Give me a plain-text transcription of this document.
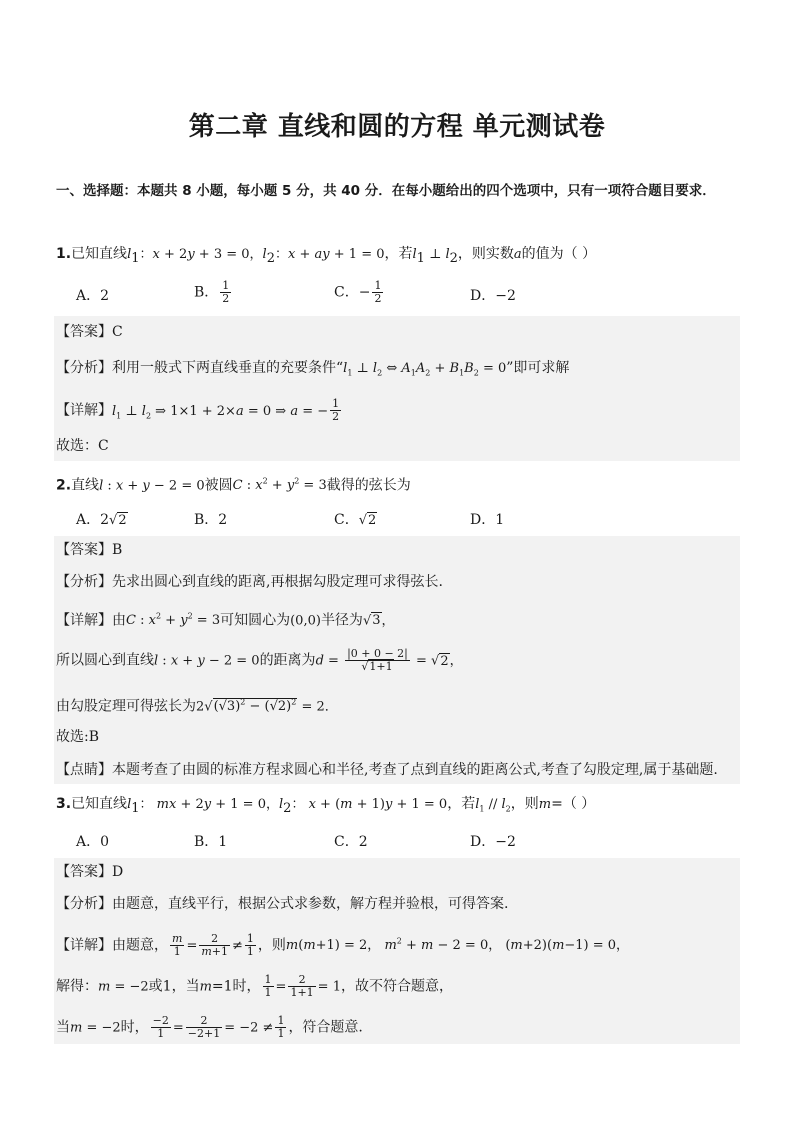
第二章 直线和圆的方程 单元测试卷

一、选择题：本题共 8 小题，每小题 5 分，共 40 分．在每小题给出的四个选项中，只有一项符合题目要求．

1.已知直线$l_1$：x + 2y + 3 = 0，$l_2$：x + ay + 1 = 0，若$l_1$ ⊥ $l_2$，则实数a的值为（ ）
A．2	B． $\frac{1}{2}$	C．− $\frac{1}{2}$	D．−2
【答案】C
【分析】利用一般式下两直线垂直的充要条件“$l_1$ ⊥ $l_2$ ⇔ $A_1A_2 + B_1B_2 = 0$”即可求解
【详解】$l_1$ ⊥ $l_2$ ⇒ 1×1 + 2×a = 0 ⇒ a = − $\frac{1}{2}$
故选：C
2.直线l : x + y − 2 = 0被圆C : $x^2 + y^2 = 3$截得的弦长为
A．2√2	B．2	C．√2	D．1
【答案】B
【分析】先求出圆心到直线的距离,再根据勾股定理可求得弦长.
【详解】由C : $x^2 + y^2 = 3$可知圆心为(0,0)半径为√3，
所以圆心到直线l : x + y − 2 = 0的距离为$d = \frac{|0 + 0 - 2|}{√1+1} = √2$，
由勾股定理可得弦长为$2√(√3)^2 - (√2)^2 = 2$．
故选:B
【点睛】本题考查了由圆的标准方程求圆心和半径,考查了点到直线的距离公式,考查了勾股定理,属于基础题.
3.已知直线$l_1$： mx + 2y + 1 = 0，$l_2$： x + (m + 1)y + 1 = 0，若$l_1 // l_2$，则m=（ ）
A．0	B．1	C．2	D．−2
【答案】D
【分析】由题意，直线平行，根据公式求参数，解方程并验根，可得答案.
【详解】由题意， $\frac{m}{1} = \frac{2}{m+1} \ne \frac{1}{1}$ ，则m(m+1) = 2， $m^2 + m - 2 = 0$， (m+2)(m−1) = 0，
解得：m = −2或1，当m=1时， $\frac{1}{1} = \frac{2}{1+1} = 1$，故不符合题意，
当m = −2时， $\frac{-2}{1} = \frac{2}{-2+1} = -2 \ne \frac{1}{1}$ ，符合题意.
